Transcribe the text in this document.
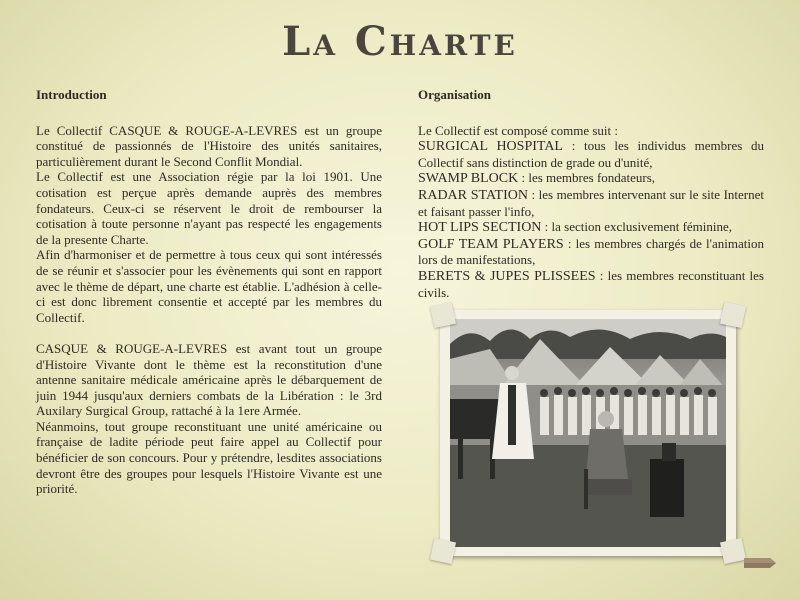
La Charte
Introduction

Le Collectif CASQUE & ROUGE-A-LEVRES est un groupe constitué de passionnés de l'Histoire des unités sanitaires, particulièrement durant le Second Conflit Mondial.

Le Collectif est une Association régie par la loi 1901. Une cotisation est perçue après demande auprès des membres fondateurs. Ceux-ci se réservent le droit de rembourser la cotisation à toute personne n'ayant pas respecté les engagements de la presente Charte.

Afin d'harmoniser et de permettre à tous ceux qui sont intéressés de se réunir et s'associer pour les évènements qui sont en rapport avec le thème de départ, une charte est établie. L'adhésion à celle-ci est donc librement consentie et accepté par les membres du Collectif.

CASQUE & ROUGE-A-LEVRES est avant tout un groupe d'Histoire Vivante dont le thème est la reconstitution d'une antenne sanitaire médicale américaine après le débarquement de juin 1944 jusqu'aux derniers combats de la Libération : le 3rd Auxilary Surgical Group, rattaché à la 1ere Armée.

Néanmoins, tout groupe reconstituant une unité américaine ou française de ladite période peut faire appel au Collectif pour bénéficier de son concours. Pour y prétendre, lesdites associations devront être des groupes pour lesquels l'Histoire Vivante est une priorité.

Organisation

Le Collectif est composé comme suit :

SURGICAL HOSPITAL : tous les individus membres du Collectif sans distinction de grade ou d'unité,

SWAMP BLOCK : les membres fondateurs,

RADAR STATION : les membres intervenant sur le site Internet et faisant passer l'info,

HOT LIPS SECTION : la section exclusivement féminine,

GOLF TEAM PLAYERS : les membres chargés de l'animation lors de manifestations,

BERETS & JUPES PLISSEES : les membres reconstituant les civils.
